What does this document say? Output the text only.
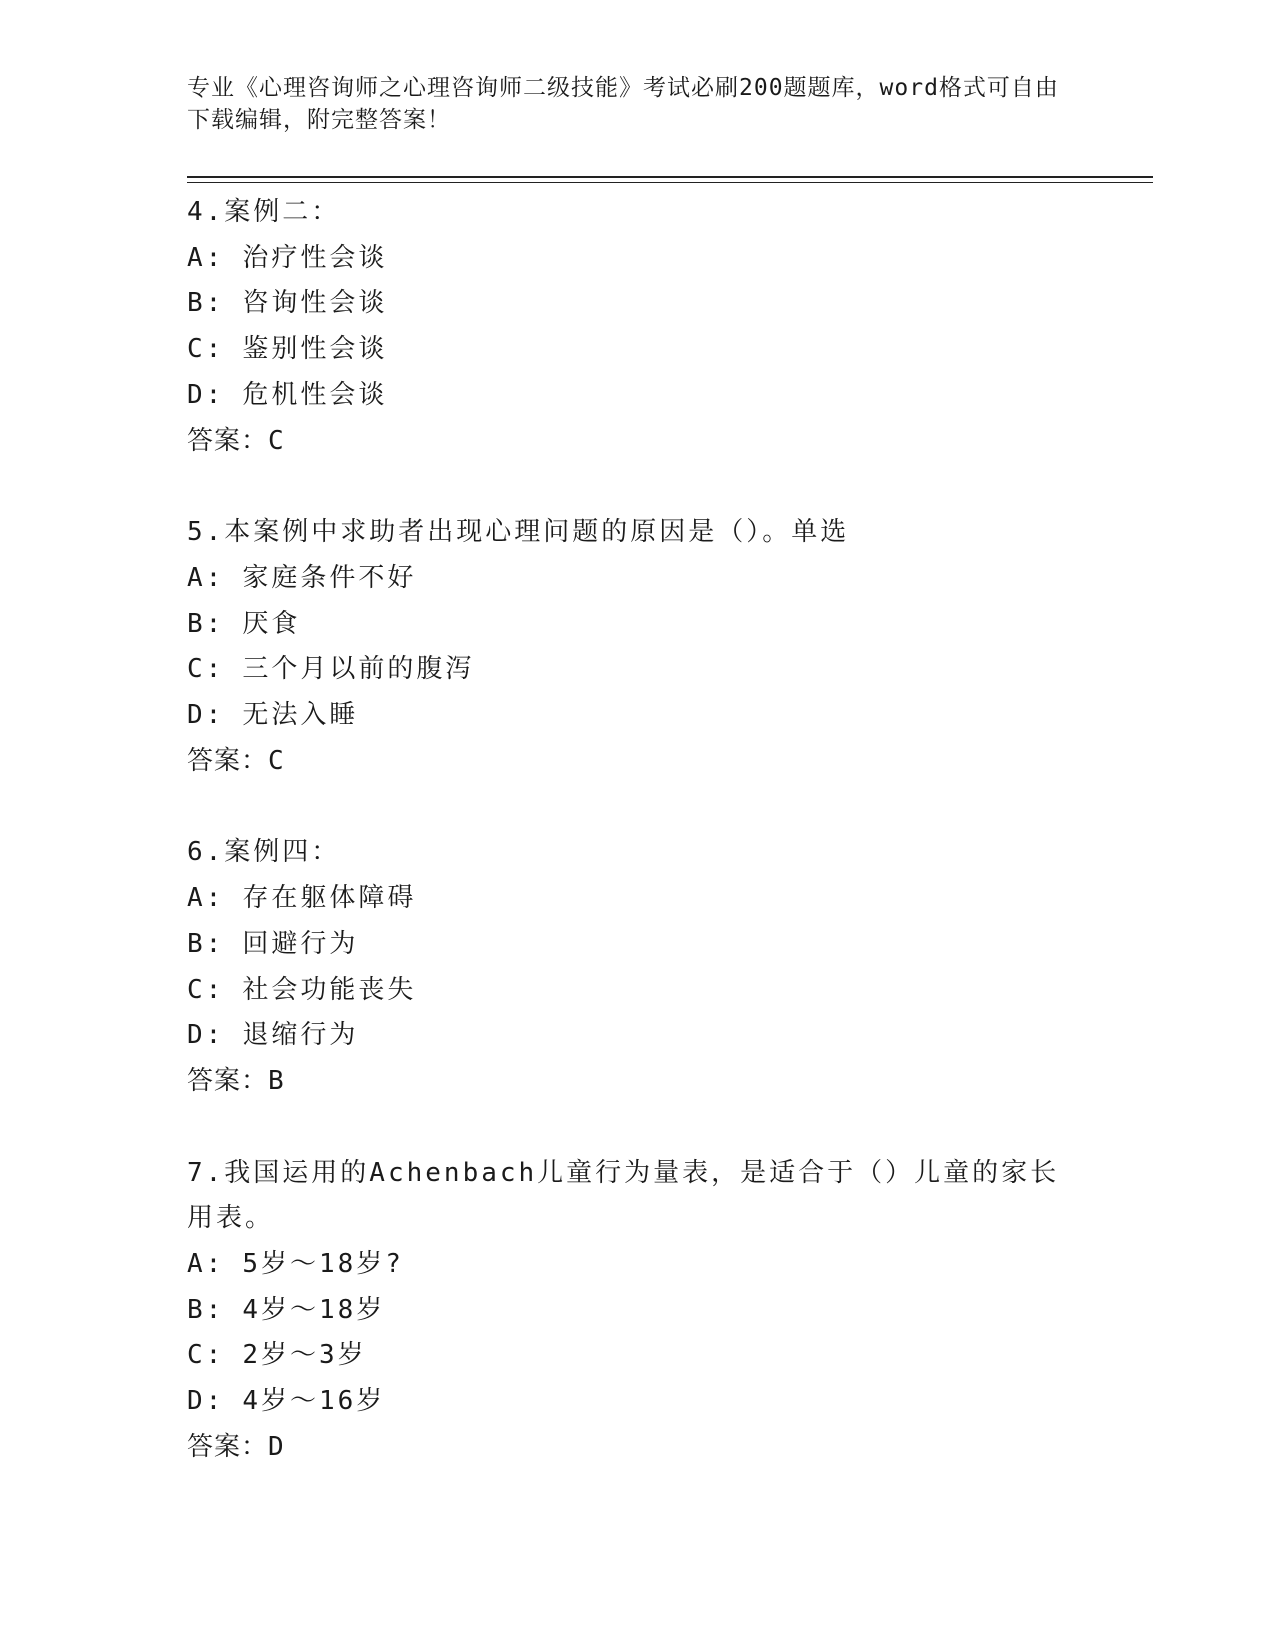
专业《心理咨询师之心理咨询师二级技能》考试必刷200题题库，word格式可自由下载编辑，附完整答案！
4.案例二：
A: 治疗性会谈
B: 咨询性会谈
C: 鉴别性会谈
D: 危机性会谈
答案：C
5.本案例中求助者出现心理问题的原因是（）。单选
A: 家庭条件不好
B: 厌食
C: 三个月以前的腹泻
D: 无法入睡
答案：C
6.案例四：
A: 存在躯体障碍
B: 回避行为
C: 社会功能丧失
D: 退缩行为
答案：B
7.我国运用的Achenbach儿童行为量表，是适合于（）儿童的家长用表。
A: 5岁～18岁?
B: 4岁～18岁
C: 2岁～3岁
D: 4岁～16岁
答案：D
